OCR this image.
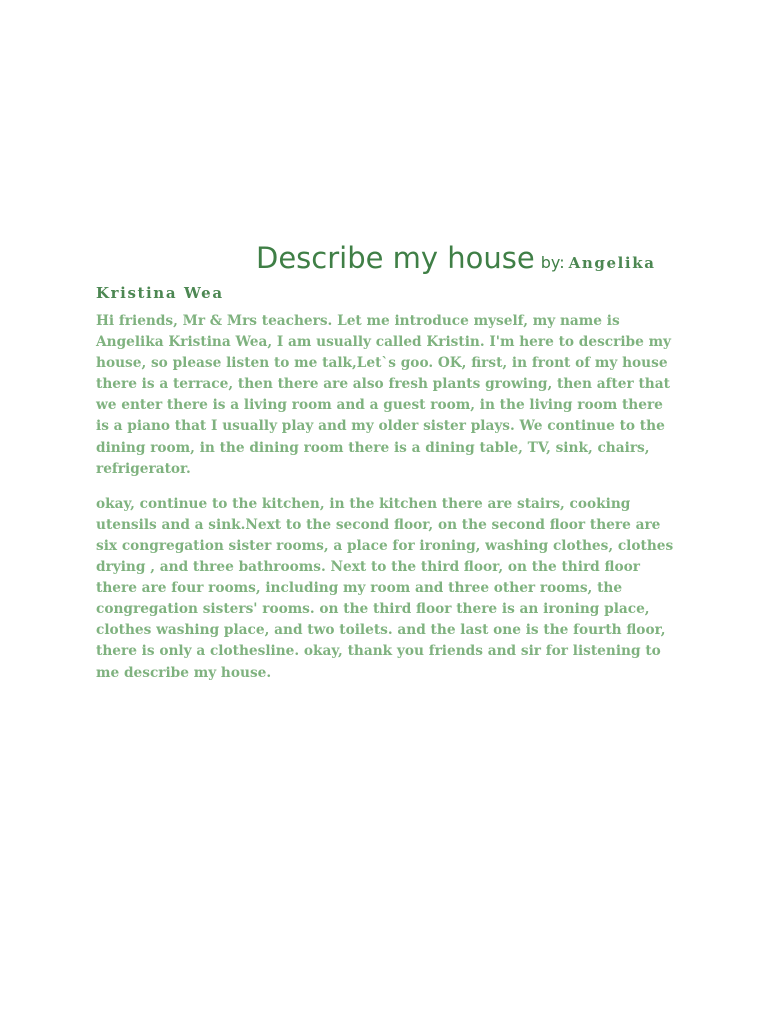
Describe my house by: Angelika

Kristina Wea

Hi friends, Mr & Mrs teachers. Let me introduce myself, my name is Angelika Kristina Wea, I am usually called Kristin. I'm here to describe my house, so please listen to me talk,Let`s goo. OK, first, in front of my house there is a terrace, then there are also fresh plants growing, then after that we enter there is a living room and a guest room, in the living room there is a piano that I usually play and my older sister plays. We continue to the dining room, in the dining room there is a dining table, TV, sink, chairs, refrigerator.

okay, continue to the kitchen, in the kitchen there are stairs, cooking utensils and a sink.Next to the second floor, on the second floor there are six congregation sister rooms, a place for ironing, washing clothes, clothes drying , and three bathrooms. Next to the third floor, on the third floor there are four rooms, including my room and three other rooms, the congregation sisters' rooms. on the third floor there is an ironing place, clothes washing place, and two toilets. and the last one is the fourth floor, there is only a clothesline. okay, thank you friends and sir for listening to me describe my house.
